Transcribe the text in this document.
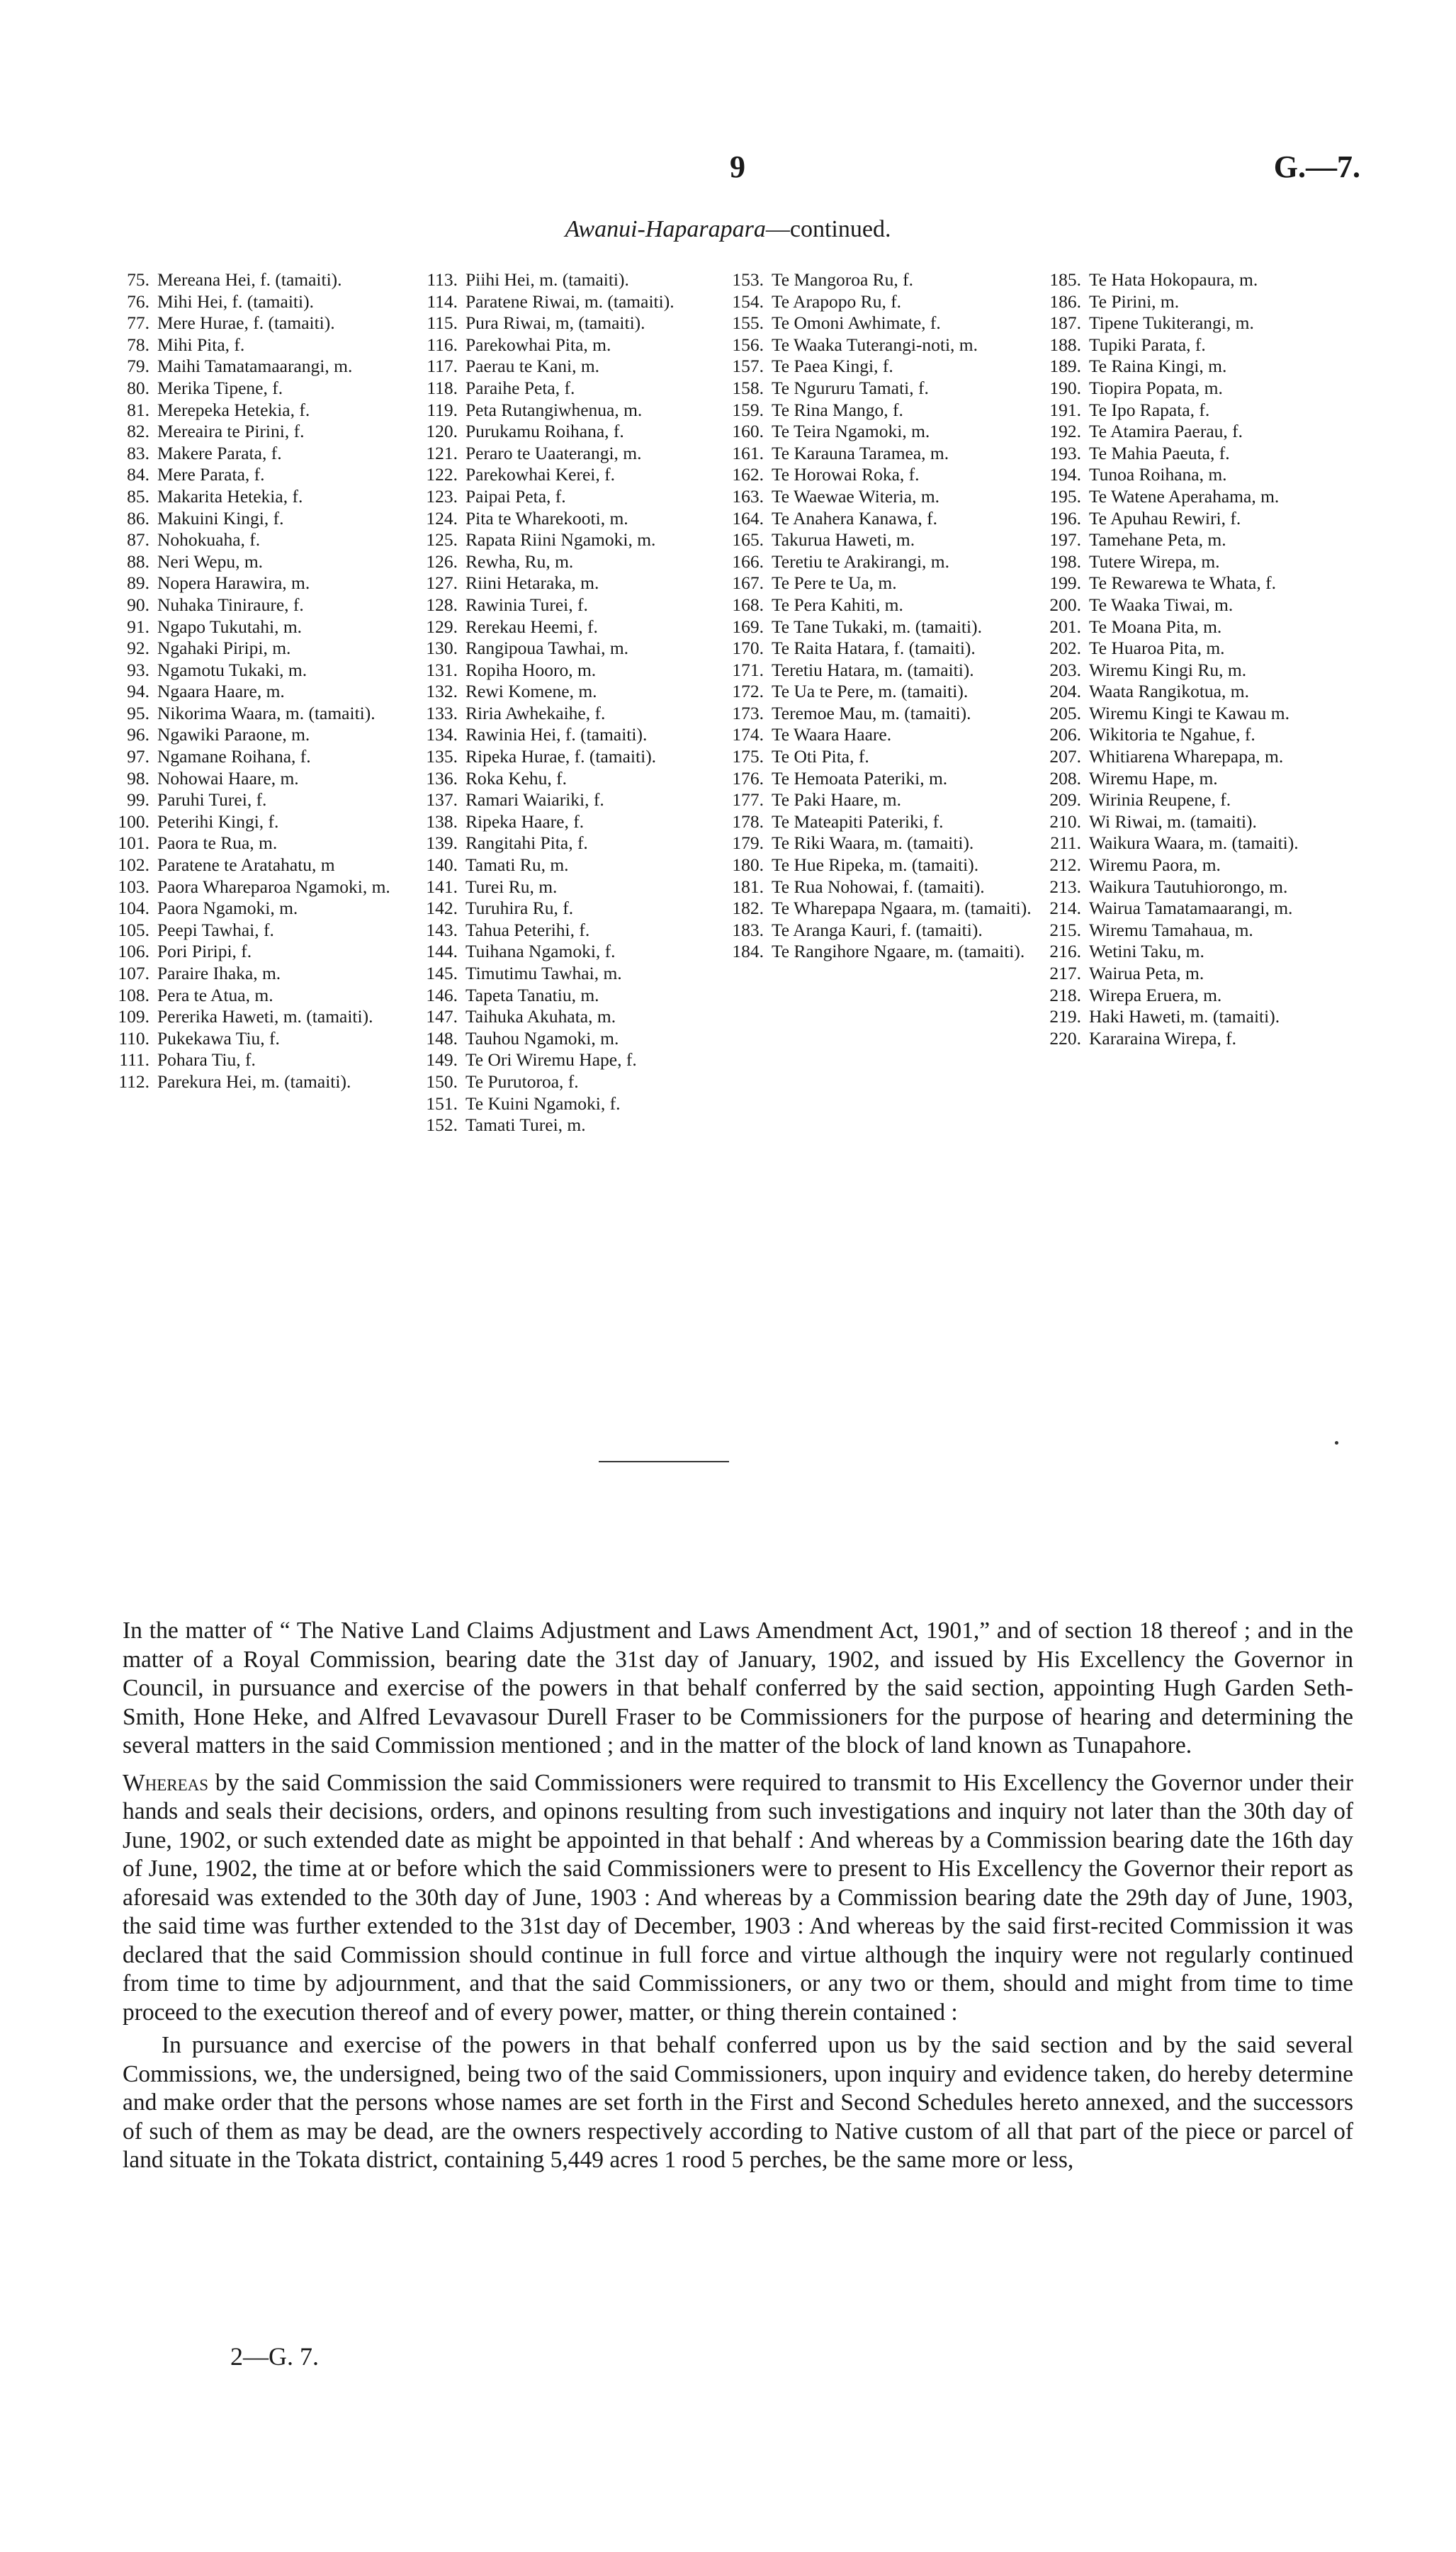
9	G.—7.
Awanui-Haparapara—continued.
75. Mereana Hei, f. (tamaiti).
76. Mihi Hei, f. (tamaiti).
77. Mere Hurae, f. (tamaiti).
78. Mihi Pita, f.
79. Maihi Tamatamaarangi, m.
80. Merika Tipene, f.
81. Merepeka Hetekia, f.
82. Mereaira te Pirini, f.
83. Makere Parata, f.
84. Mere Parata, f.
85. Makarita Hetekia, f.
86. Makuini Kingi, f.
87. Nohokuaha, f.
88. Neri Wepu, m.
89. Nopera Harawira, m.
90. Nuhaka Tiniraure, f.
91. Ngapo Tukutahi, m.
92. Ngahaki Piripi, m.
93. Ngamotu Tukaki, m.
94. Ngaara Haare, m.
95. Nikorima Waara, m. (tamaiti).
96. Ngawiki Paraone, m.
97. Ngamane Roihana, f.
98. Nohowai Haare, m.
99. Paruhi Turei, f.
100. Peterihi Kingi, f.
101. Paora te Rua, m.
102. Paratene te Aratahatu, m
103. Paora Whareparoa Ngamoki, m.
104. Paora Ngamoki, m.
105. Peepi Tawhai, f.
106. Pori Piripi, f.
107. Paraire Ihaka, m.
108. Pera te Atua, m.
109. Pererika Haweti, m. (tamaiti).
110. Pukekawa Tiu, f.
111. Pohara Tiu, f.
112. Parekura Hei, m. (tamaiti).
113. Piihi Hei, m. (tamaiti).
114. Paratene Riwai, m. (tamaiti).
115. Pura Riwai, m, (tamaiti).
116. Parekowhai Pita, m.
117. Paerau te Kani, m.
118. Paraihe Peta, f.
119. Peta Rutangiwhenua, m.
120. Purukamu Roihana, f.
121. Peraro te Uaaterangi, m.
122. Parekowhai Kerei, f.
123. Paipai Peta, f.
124. Pita te Wharekooti, m.
125. Rapata Riini Ngamoki, m.
126. Rewha, Ru, m.
127. Riini Hetaraka, m.
128. Rawinia Turei, f.
129. Rerekau Heemi, f.
130. Rangipoua Tawhai, m.
131. Ropiha Hooro, m.
132. Rewi Komene, m.
133. Riria Awhekaihe, f.
134. Rawinia Hei, f. (tamaiti).
135. Ripeka Hurae, f. (tamaiti).
136. Roka Kehu, f.
137. Ramari Waiariki, f.
138. Ripeka Haare, f.
139. Rangitahi Pita, f.
140. Tamati Ru, m.
141. Turei Ru, m.
142. Turuhira Ru, f.
143. Tahua Peterihi, f.
144. Tuihana Ngamoki, f.
145. Timutimu Tawhai, m.
146. Tapeta Tanatiu, m.
147. Taihuka Akuhata, m.
148. Tauhou Ngamoki, m.
149. Te Ori Wiremu Hape, f.
150. Te Purutoroa, f.
151. Te Kuini Ngamoki, f.
152. Tamati Turei, m.
153. Te Mangoroa Ru, f.
154. Te Arapopo Ru, f.
155. Te Omoni Awhimate, f.
156. Te Waaka Tuterangi-noti, m.
157. Te Paea Kingi, f.
158. Te Ngururu Tamati, f.
159. Te Rina Mango, f.
160. Te Teira Ngamoki, m.
161. Te Karauna Taramea, m.
162. Te Horowai Roka, f.
163. Te Waewae Witeria, m.
164. Te Anahera Kanawa, f.
165. Takurua Haweti, m.
166. Teretiu te Arakirangi, m.
167. Te Pere te Ua, m.
168. Te Pera Kahiti, m.
169. Te Tane Tukaki, m. (tamaiti).
170. Te Raita Hatara, f. (tamaiti).
171. Teretiu Hatara, m. (tamaiti).
172. Te Ua te Pere, m. (tamaiti).
173. Teremoe Mau, m. (tamaiti).
174. Te Waara Haare.
175. Te Oti Pita, f.
176. Te Hemoata Pateriki, m.
177. Te Paki Haare, m.
178. Te Mateapiti Pateriki, f.
179. Te Riki Waara, m. (tamaiti).
180. Te Hue Ripeka, m. (tamaiti).
181. Te Rua Nohowai, f. (tamaiti).
182. Te Wharepapa Ngaara, m. (tamaiti).
183. Te Aranga Kauri, f. (tamaiti).
184. Te Rangihore Ngaare, m. (tamaiti).
185. Te Hata Hokopaura, m.
186. Te Pirini, m.
187. Tipene Tukiterangi, m.
188. Tupiki Parata, f.
189. Te Raina Kingi, m.
190. Tiopira Popata, m.
191. Te Ipo Rapata, f.
192. Te Atamira Paerau, f.
193. Te Mahia Paeuta, f.
194. Tunoa Roihana, m.
195. Te Watene Aperahama, m.
196. Te Apuhau Rewiri, f.
197. Tamehane Peta, m.
198. Tutere Wirepa, m.
199. Te Rewarewa te Whata, f.
200. Te Waaka Tiwai, m.
201. Te Moana Pita, m.
202. Te Huaroa Pita, m.
203. Wiremu Kingi Ru, m.
204. Waata Rangikotua, m.
205. Wiremu Kingi te Kawau m.
206. Wikitoria te Ngahue, f.
207. Whitiarena Wharepapa, m.
208. Wiremu Hape, m.
209. Wirinia Reupene, f.
210. Wi Riwai, m. (tamaiti).
211. Waikura Waara, m. (tamaiti).
212. Wiremu Paora, m.
213. Waikura Tautuhiorongo, m.
214. Wairua Tamatamaarangi, m.
215. Wiremu Tamahaua, m.
216. Wetini Taku, m.
217. Wairua Peta, m.
218. Wirepa Eruera, m.
219. Haki Haweti, m. (tamaiti).
220. Kararaina Wirepa, f.

In the matter of “ The Native Land Claims Adjustment and Laws Amendment Act, 1901,” and of section 18 thereof ; and in the matter of a Royal Commission, bearing date the 31st day of January, 1902, and issued by His Excellency the Governor in Council, in pursuance and exercise of the powers in that behalf conferred by the said section, appointing Hugh Garden Seth-Smith, Hone Heke, and Alfred Levavasour Durell Fraser to be Commissioners for the purpose of hearing and determining the several matters in the said Commission mentioned ; and in the matter of the block of land known as Tunapahore.

Whereas by the said Commission the said Commissioners were required to transmit to His Excellency the Governor under their hands and seals their decisions, orders, and opinons resulting from such investigations and inquiry not later than the 30th day of June, 1902, or such extended date as might be appointed in that behalf : And whereas by a Commission bearing date the 16th day of June, 1902, the time at or before which the said Commissioners were to present to His Excellency the Governor their report as aforesaid was extended to the 30th day of June, 1903 : And whereas by a Commission bearing date the 29th day of June, 1903, the said time was further extended to the 31st day of December, 1903 : And whereas by the said first-recited Commission it was declared that the said Commission should continue in full force and virtue although the inquiry were not regularly continued from time to time by adjournment, and that the said Commissioners, or any two or them, should and might from time to time proceed to the execution thereof and of every power, matter, or thing therein contained :

In pursuance and exercise of the powers in that behalf conferred upon us by the said section and by the said several Commissions, we, the undersigned, being two of the said Commissioners, upon inquiry and evidence taken, do hereby determine and make order that the persons whose names are set forth in the First and Second Schedules hereto annexed, and the successors of such of them as may be dead, are the owners respectively according to Native custom of all that part of the piece or parcel of land situate in the Tokata district, containing 5,449 acres 1 rood 5 perches, be the same more or less,

2—G. 7.
